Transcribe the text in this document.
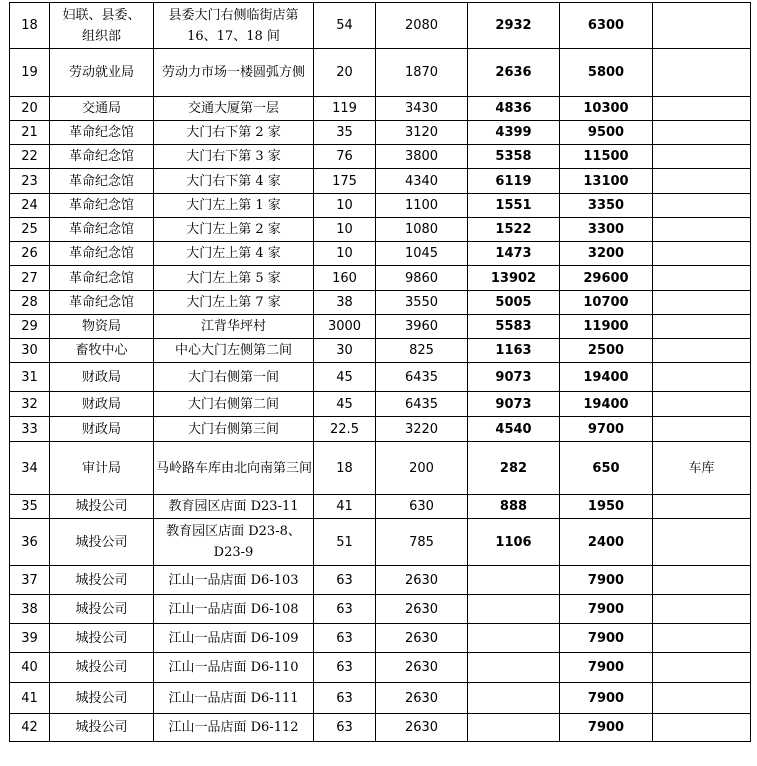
18	妇联、县委、组织部	县委大门右侧临街店第 16、17、18 间	54	2080	2932	6300	
19	劳动就业局	劳动力市场一楼圆弧方侧	20	1870	2636	5800	
20	交通局	交通大厦第一层	119	3430	4836	10300	
21	革命纪念馆	大门右下第 2 家	35	3120	4399	9500	
22	革命纪念馆	大门右下第 3 家	76	3800	5358	11500	
23	革命纪念馆	大门右下第 4 家	175	4340	6119	13100	
24	革命纪念馆	大门左上第 1 家	10	1100	1551	3350	
25	革命纪念馆	大门左上第 2 家	10	1080	1522	3300	
26	革命纪念馆	大门左上第 4 家	10	1045	1473	3200	
27	革命纪念馆	大门左上第 5 家	160	9860	13902	29600	
28	革命纪念馆	大门左上第 7 家	38	3550	5005	10700	
29	物资局	江背华坪村	3000	3960	5583	11900	
30	畜牧中心	中心大门左侧第二间	30	825	1163	2500	
31	财政局	大门右侧第一间	45	6435	9073	19400	
32	财政局	大门右侧第二间	45	6435	9073	19400	
33	财政局	大门右侧第三间	22.5	3220	4540	9700	
34	审计局	马岭路车库由北向南第三间	18	200	282	650	车库
35	城投公司	教育园区店面 D23-11	41	630	888	1950	
36	城投公司	教育园区店面 D23-8、D23-9	51	785	1106	2400	
37	城投公司	江山一品店面 D6-103	63	2630		7900	
38	城投公司	江山一品店面 D6-108	63	2630		7900	
39	城投公司	江山一品店面 D6-109	63	2630		7900	
40	城投公司	江山一品店面 D6-110	63	2630		7900	
41	城投公司	江山一品店面 D6-111	63	2630		7900	
42	城投公司	江山一品店面 D6-112	63	2630		7900	
